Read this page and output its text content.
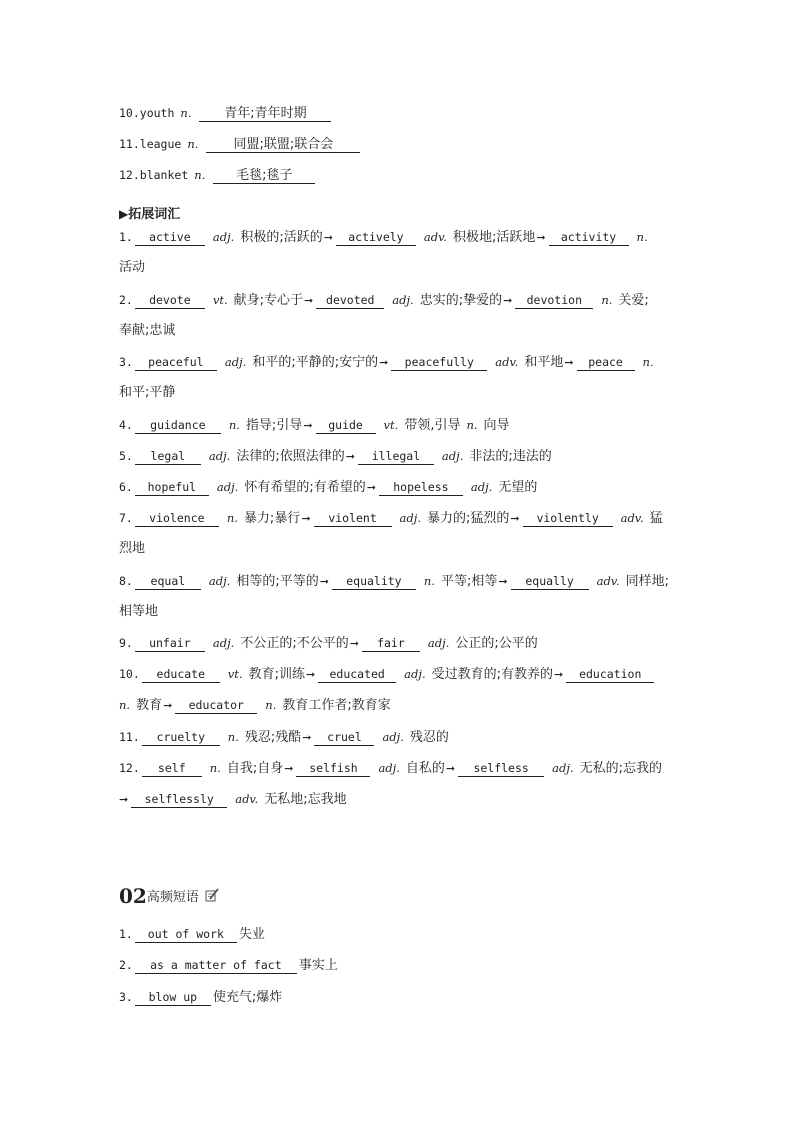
10.youth n.	青年;青年时期
11.league n.	同盟;联盟;联合会
12.blanket n. 毛毯;毯子
▶拓展词汇
1. active adj. 积极的;活跃的➞ actively adv. 积极地;活跃地➞ activity n.
活动
2. devote vt. 献身;专心于➞ devoted adj. 忠实的;挚爱的➞ devotion n. 关爱;
奉献;忠诚
3. peaceful adj. 和平的;平静的;安宁的➞ peacefully adv. 和平地➞ peace n.
和平;平静
4. guidance n. 指导;引导➞ guide vt. 带领,引导 n. 向导
5. legal adj. 法律的;依照法律的➞ illegal adj. 非法的;违法的
6. hopeful adj. 怀有希望的;有希望的➞ hopeless adj. 无望的
7. violence n. 暴力;暴行➞ violent adj. 暴力的;猛烈的➞ violently adv. 猛
烈地
8. equal adj. 相等的;平等的➞ equality n. 平等;相等➞ equally adv. 同样地;
相等地
9. unfair adj. 不公正的;不公平的➞ fair adj. 公正的;公平的
10. educate vt. 教育;训练➞ educated adj. 受过教育的;有教养的➞ education
n. 教育➞ educator n. 教育工作者;教育家
11. cruelty n. 残忍;残酷➞ cruel adj. 残忍的
12. self n. 自我;自身➞ selfish adj. 自私的➞ selfless adj. 无私的;忘我的
➞ selflessly adv. 无私地;忘我地
02高频短语
1. out of work 失业
2. as a matter of fact 事实上
3. blow up 使充气;爆炸
